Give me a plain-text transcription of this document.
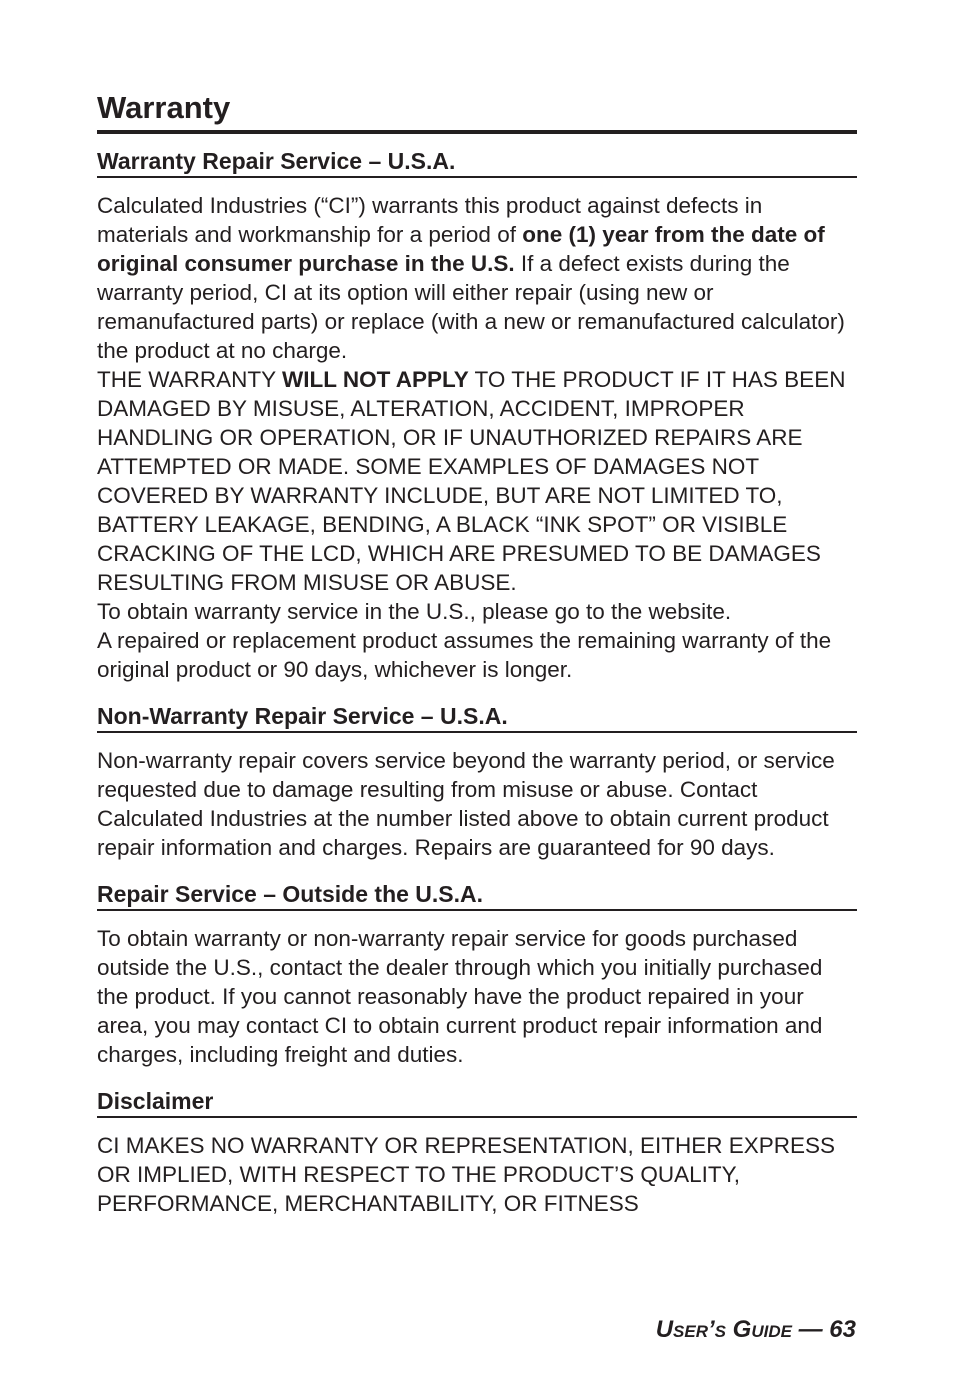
Warranty
Warranty Repair Service – U.S.A.

Calculated Industries (“CI”) warrants this product against defects in materials and workmanship for a period of one (1) year from the date of original consumer purchase in the U.S. If a defect exists during the warranty period, CI at its option will either repair (using new or remanufactured parts) or replace (with a new or remanufactured calculator) the product at no charge.

THE WARRANTY WILL NOT APPLY TO THE PRODUCT IF IT HAS BEEN DAMAGED BY MISUSE, ALTERATION, ACCIDENT, IMPROPER HANDLING OR OPERATION, OR IF UNAUTHORIZED REPAIRS ARE ATTEMPTED OR MADE. SOME EXAMPLES OF DAMAGES NOT COVERED BY WARRANTY INCLUDE, BUT ARE NOT LIMITED TO, BATTERY LEAKAGE, BENDING, A BLACK “INK SPOT” OR VISIBLE CRACKING OF THE LCD, WHICH ARE PRESUMED TO BE DAMAGES RESULTING FROM MISUSE OR ABUSE.

To obtain warranty service in the U.S., please go to the website.

A repaired or replacement product assumes the remaining warranty of the original product or 90 days, whichever is longer.

Non-Warranty Repair Service – U.S.A.

Non-warranty repair covers service beyond the warranty period, or service requested due to damage resulting from misuse or abuse. Contact Calculated Industries at the number listed above to obtain current product repair information and charges. Repairs are guaranteed for 90 days.

Repair Service – Outside the U.S.A.

To obtain warranty or non-warranty repair service for goods purchased outside the U.S., contact the dealer through which you initially purchased the product. If you cannot reasonably have the product repaired in your area, you may contact CI to obtain current product repair information and charges, including freight and duties.

Disclaimer

CI MAKES NO WARRANTY OR REPRESENTATION, EITHER EXPRESS OR IMPLIED, WITH RESPECT TO THE PRODUCT’S QUALITY, PERFORMANCE, MERCHANTABILITY, OR FITNESS

User’s Guide — 63
